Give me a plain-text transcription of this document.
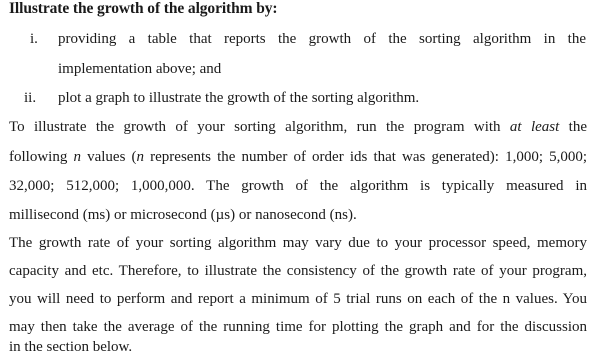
Illustrate the growth of the algorithm by:
i. providing a table that reports the growth of the sorting algorithm in the
implementation above; and
ii. plot a graph to illustrate the growth of the sorting algorithm.
To illustrate the growth of your sorting algorithm, run the program with at least the
following n values (n represents the number of order ids that was generated): 1,000; 5,000;
32,000; 512,000; 1,000,000. The growth of the algorithm is typically measured in
millisecond (ms) or microsecond (µs) or nanosecond (ns).
The growth rate of your sorting algorithm may vary due to your processor speed, memory
capacity and etc. Therefore, to illustrate the consistency of the growth rate of your program,
you will need to perform and report a minimum of 5 trial runs on each of the n values. You
may then take the average of the running time for plotting the graph and for the discussion
in the section below.
